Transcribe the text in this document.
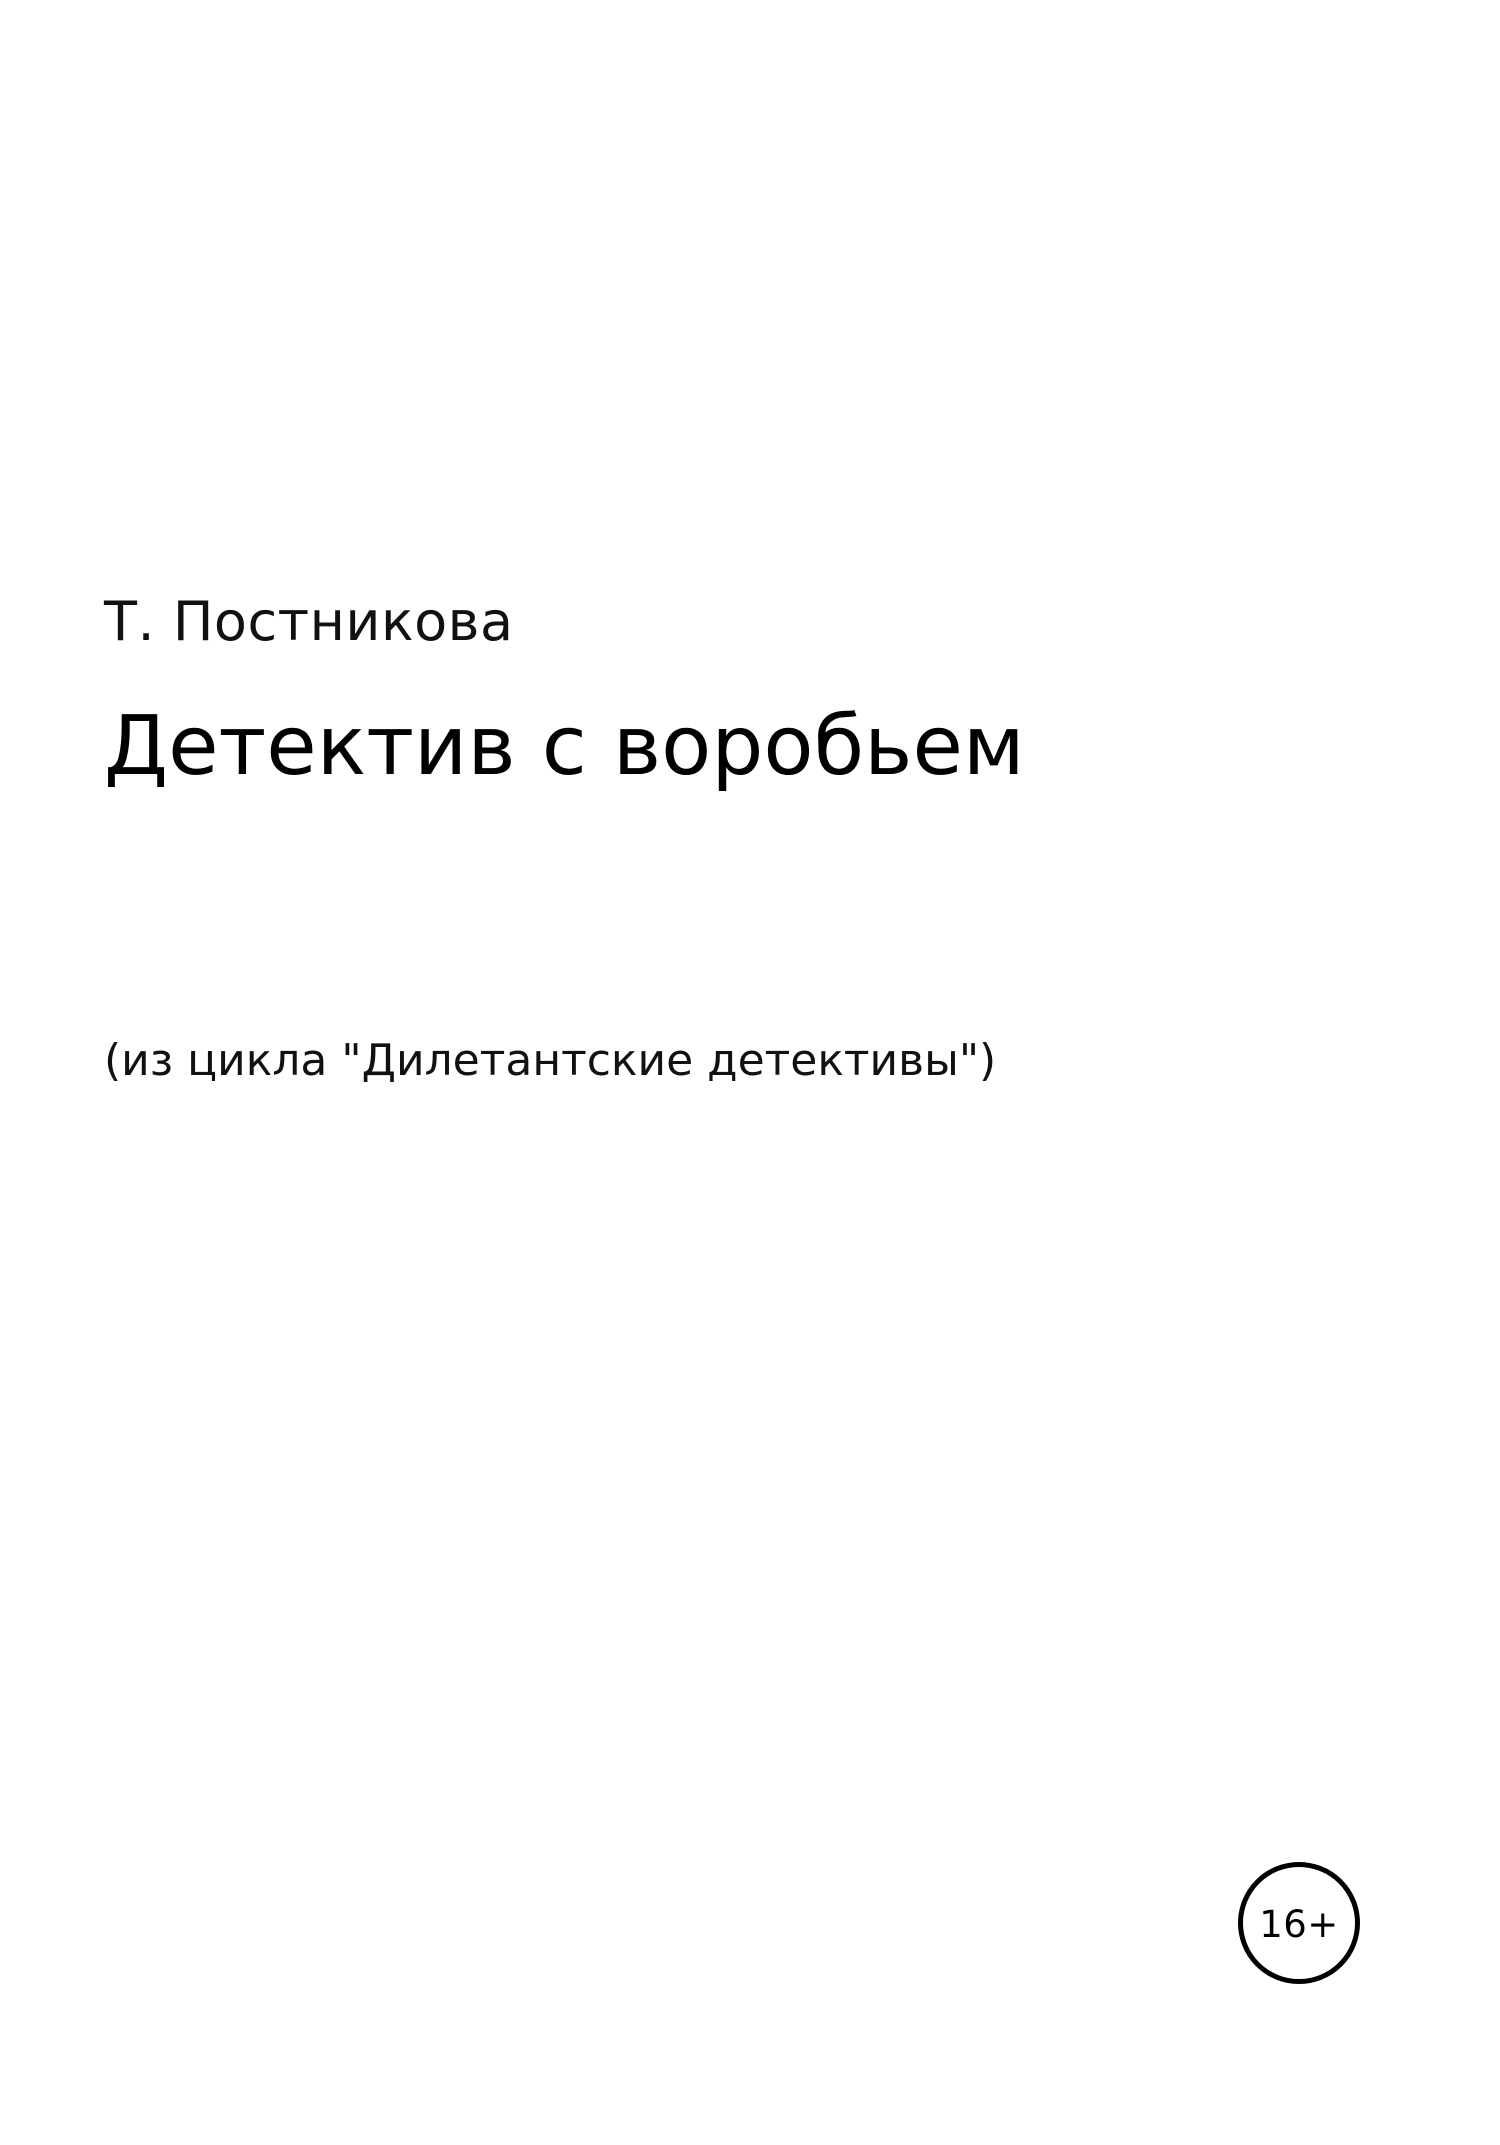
Т. Постникова
Детектив с воробьем
(из цикла "Дилетантские детективы")
16+
